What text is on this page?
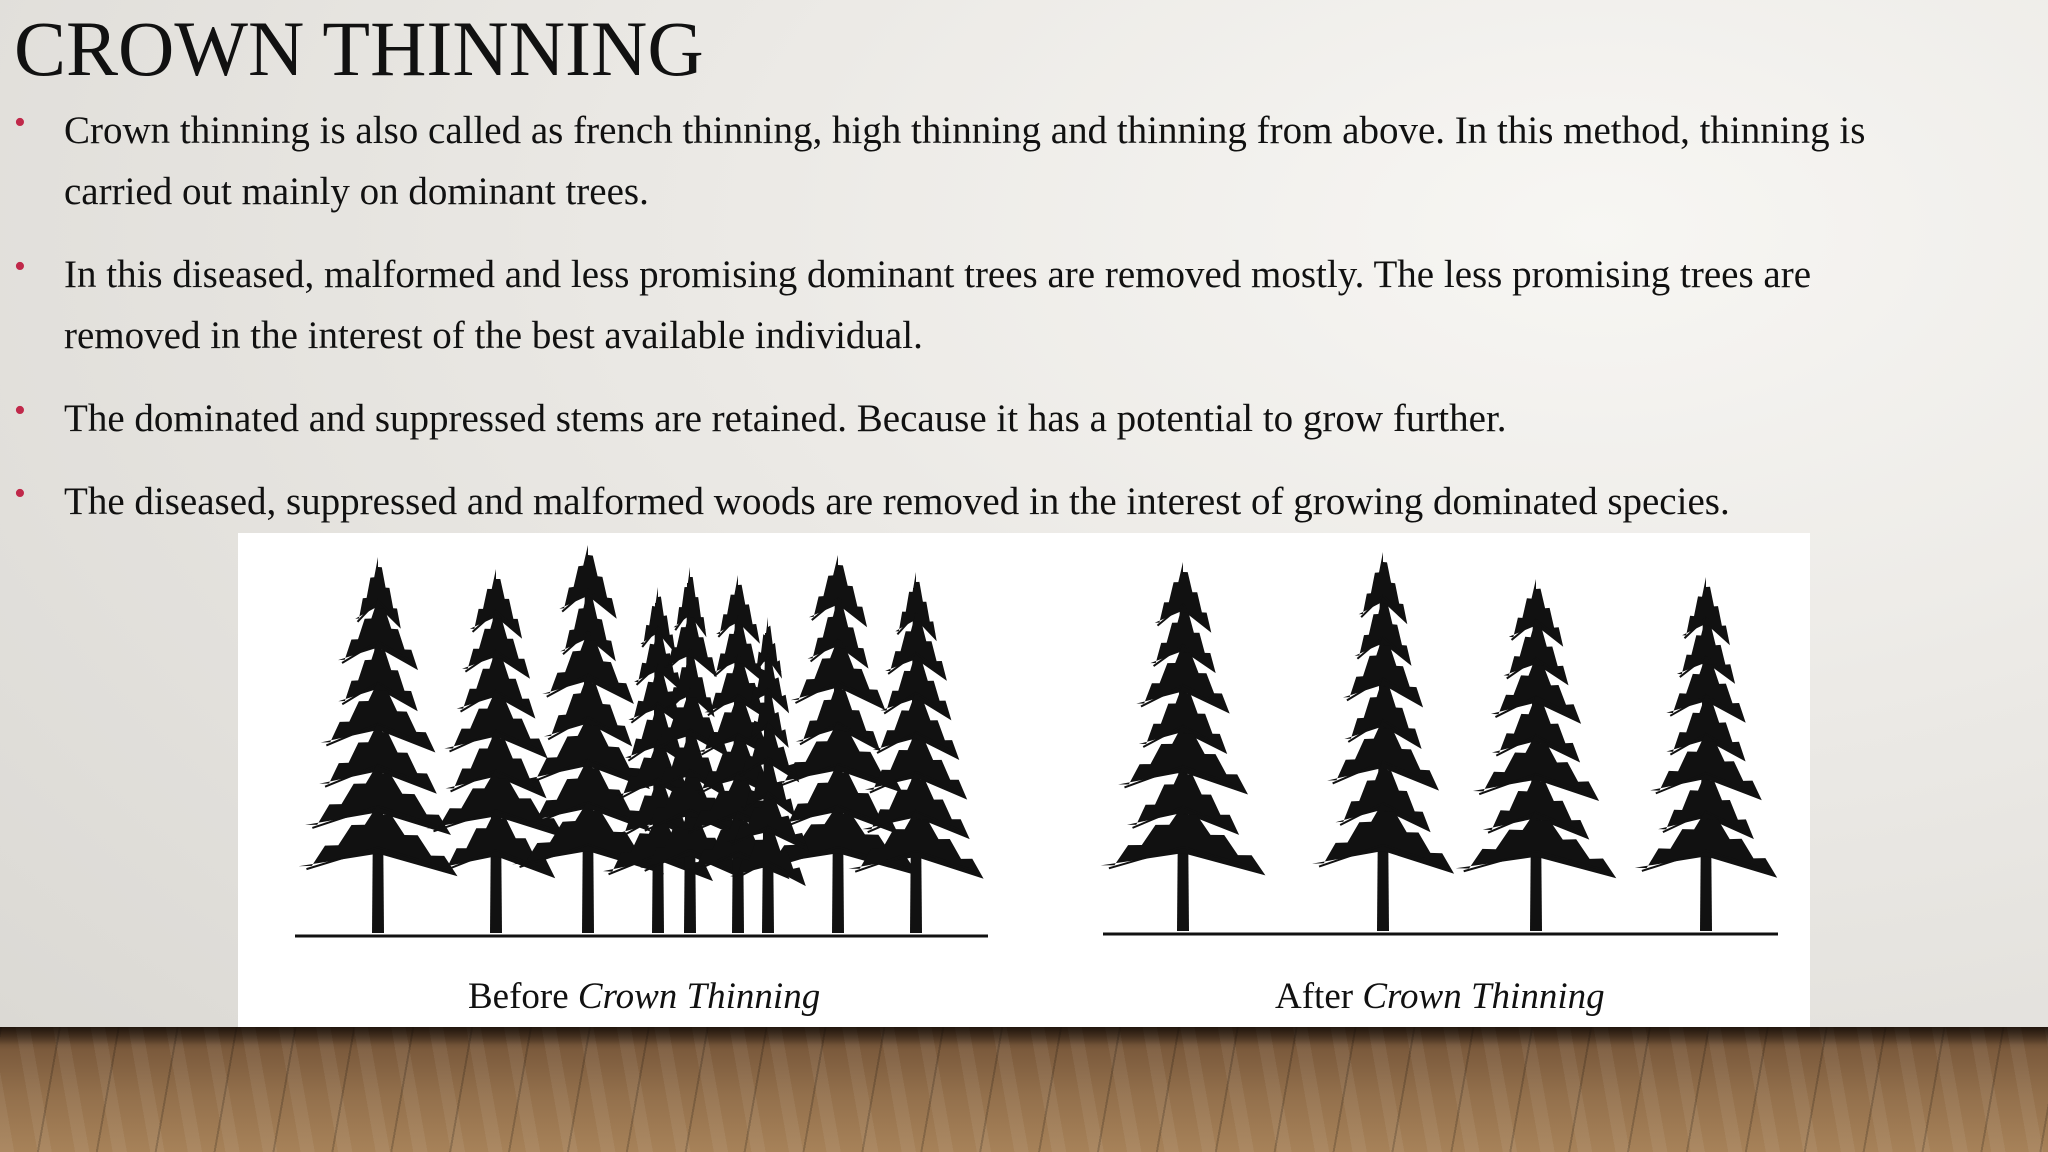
CROWN THINNING
• Crown thinning is also called as french thinning, high thinning and thinning from above. In this method, thinning is
carried out mainly on dominant trees.
• In this diseased, malformed and less promising dominant trees are removed mostly. The less promising trees are
removed in the interest of the best available individual.
• The dominated and suppressed stems are retained. Because it has a potential to grow further.
• The diseased, suppressed and malformed woods are removed in the interest of growing dominated species.
Before Crown Thinning	After Crown Thinning
